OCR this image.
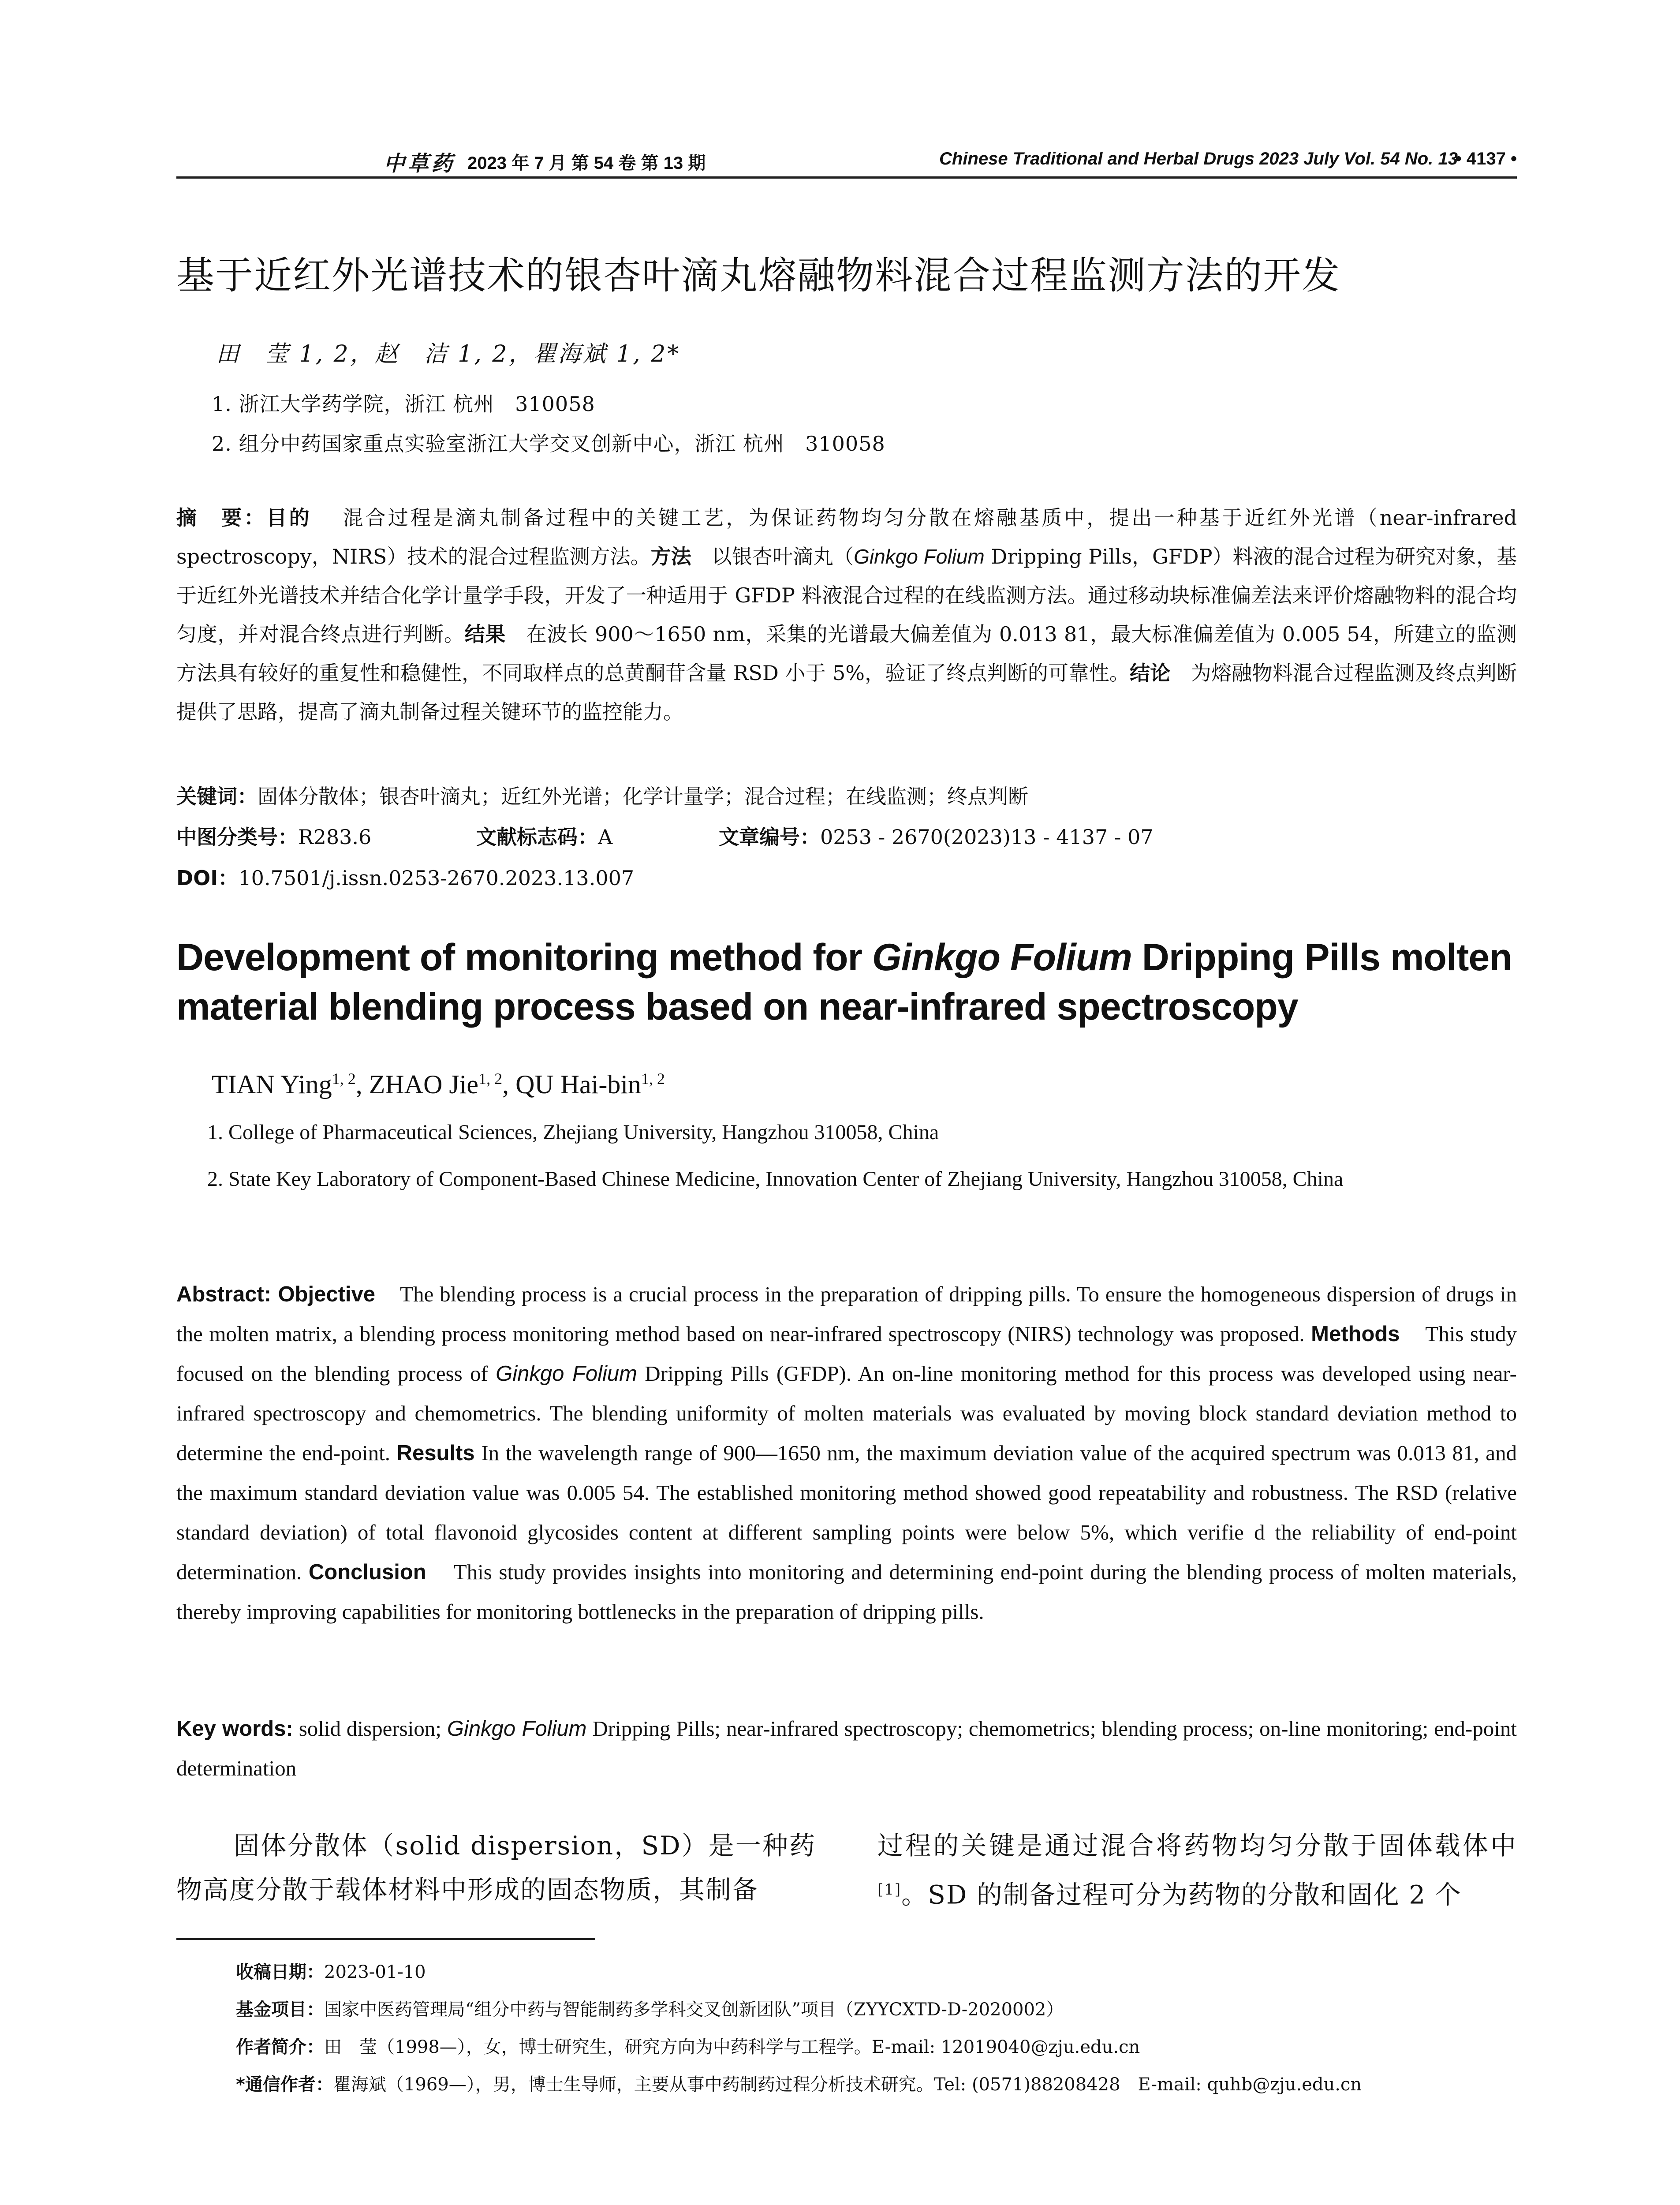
中草药 2023 年 7 月 第 54 卷 第 13 期	Chinese Traditional and Herbal Drugs 2023 July Vol. 54 No. 13
• 4137 •
基于近红外光谱技术的银杏叶滴丸熔融物料混合过程监测方法的开发
田　莹 1, 2，赵　洁 1, 2，瞿海斌 1, 2*
1. 浙江大学药学院，浙江 杭州　310058
2. 组分中药国家重点实验室浙江大学交叉创新中心，浙江 杭州　310058
摘　要：目的　 混合过程是滴丸制备过程中的关键工艺，为保证药物均匀分散在熔融基质中，提出一种基于近红外光谱（near-infrared spectroscopy，NIRS）技术的混合过程监测方法。方法　 以银杏叶滴丸（Ginkgo Folium Dripping Pills，GFDP）料液的混合过程为研究对象，基于近红外光谱技术并结合化学计量学手段，开发了一种适用于 GFDP 料液混合过程的在线监测方法。通过移动块标准偏差法来评价熔融物料的混合均匀度，并对混合终点进行判断。结果　 在波长 900～1650 nm，采集的光谱最大偏差值为 0.013 81，最大标准偏差值为 0.005 54，所建立的监测方法具有较好的重复性和稳健性，不同取样点的总黄酮苷含量 RSD 小于 5%，验证了终点判断的可靠性。结论　 为熔融物料混合过程监测及终点判断提供了思路，提高了滴丸制备过程关键环节的监控能力。
关键词：固体分散体；银杏叶滴丸；近红外光谱；化学计量学；混合过程；在线监测；终点判断
中图分类号：R283.6	文献标志码：A	文章编号：0253 - 2670(2023)13 - 4137 - 07
DOI：10.7501/j.issn.0253-2670.2023.13.007
Development of monitoring method for Ginkgo Folium Dripping Pills molten material blending process based on near-infrared spectroscopy
TIAN Ying$^{1, 2}$, ZHAO Jie$^{1, 2}$, QU Hai-bin$^{1, 2}$
1. College of Pharmaceutical Sciences, Zhejiang University, Hangzhou 310058, China
2. State Key Laboratory of Component-Based Chinese Medicine, Innovation Center of Zhejiang University, Hangzhou 310058, China
Abstract: Objective The blending process is a crucial process in the preparation of dripping pills. To ensure the homogeneous dispersion of drugs in the molten matrix, a blending process monitoring method based on near-infrared spectroscopy (NIRS) technology was proposed. Methods This study focused on the blending process of Ginkgo Folium Dripping Pills (GFDP). An on-line monitoring method for this process was developed using near-infrared spectroscopy and chemometrics. The blending uniformity of molten materials was evaluated by moving block standard deviation method to determine the end-point. Results In the wavelength range of 900—1650 nm, the maximum deviation value of the acquired spectrum was 0.013 81, and the maximum standard deviation value was 0.005 54. The established monitoring method showed good repeatability and robustness. The RSD (relative standard deviation) of total flavonoid glycosides content at different sampling points were below 5%, which verifie d the reliability of end-point determination. Conclusion This study provides insights into monitoring and determining end-point during the blending process of molten materials, thereby improving capabilities for monitoring bottlenecks in the preparation of dripping pills.
Key words: solid dispersion; Ginkgo Folium Dripping Pills; near-infrared spectroscopy; chemometrics; blending process; on-line monitoring; end-point determination
固体分散体（solid dispersion，SD）是一种药物高度分散于载体材料中形成的固态物质，其制备
过程的关键是通过混合将药物均匀分散于固体载体中[1]。SD 的制备过程可分为药物的分散和固化 2 个
收稿日期：2023-01-10
基金项目：国家中医药管理局“组分中药与智能制药多学科交叉创新团队”项目（ZYYCXTD-D-2020002）
作者简介：田　莹（1998—），女，博士研究生，研究方向为中药科学与工程学。E-mail: 12019040@zju.edu.cn
*通信作者：瞿海斌（1969—），男，博士生导师，主要从事中药制药过程分析技术研究。Tel: (0571)88208428　E-mail: quhb@zju.edu.cn
